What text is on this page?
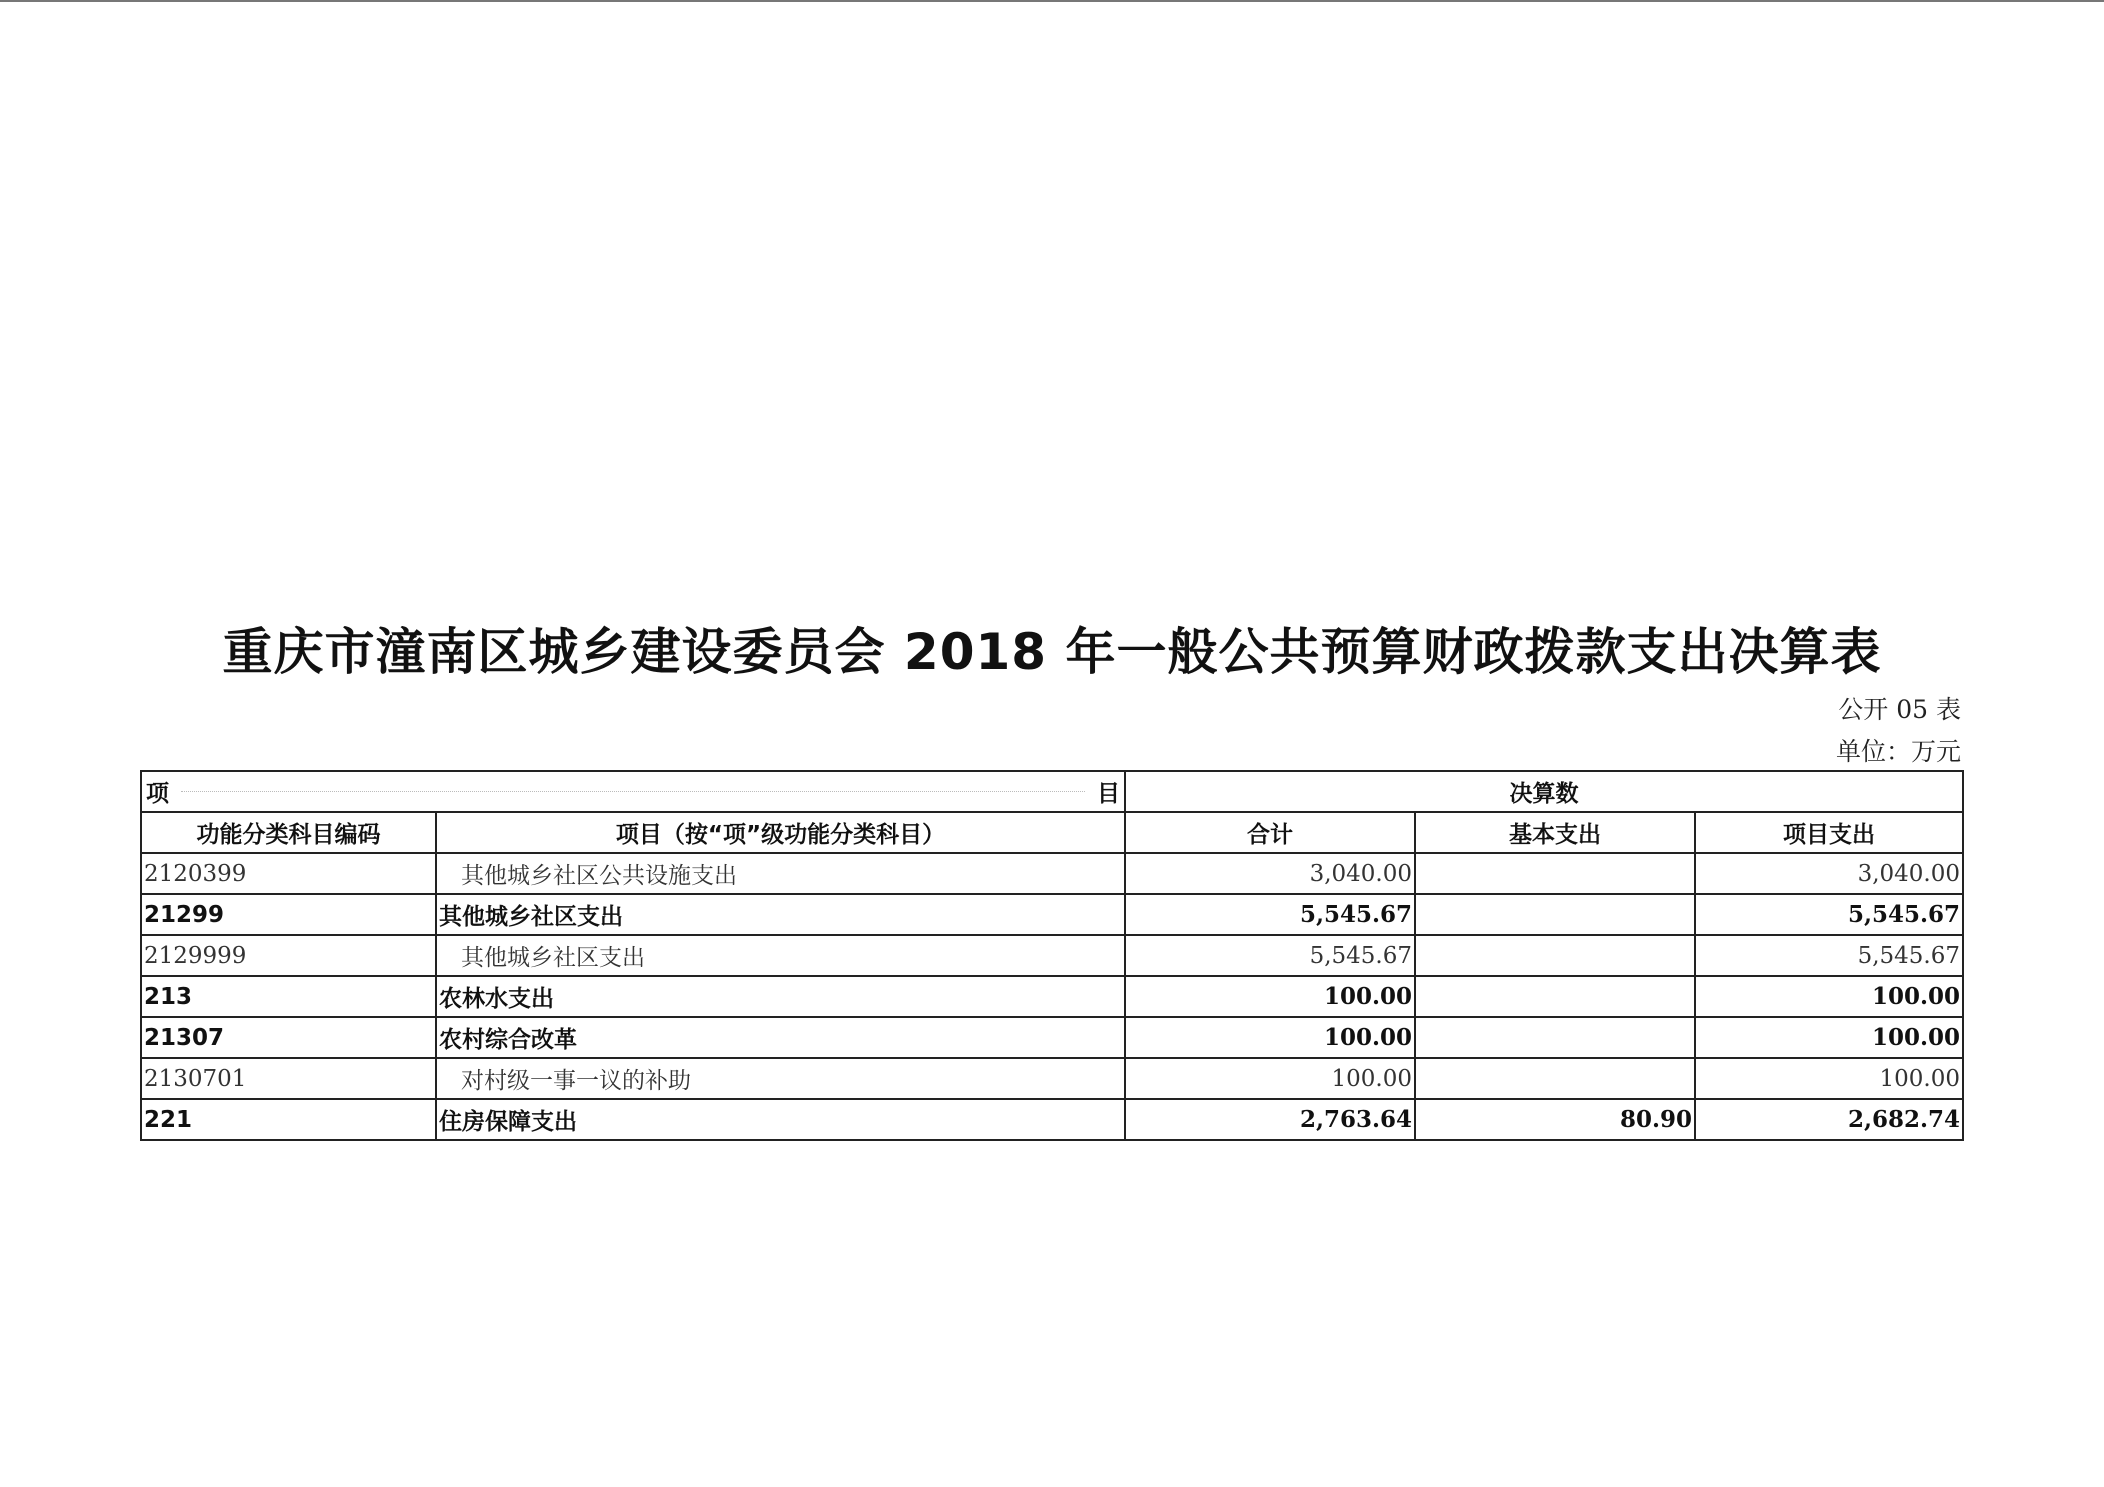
重庆市潼南区城乡建设委员会 2018 年一般公共预算财政拨款支出决算表
公开 05 表
单位：万元
项 目		决算数		
功能分类科目编码	项目（按“项”级功能分类科目）	合计	基本支出	项目支出
2120399	其他城乡社区公共设施支出	3,040.00		3,040.00
21299	其他城乡社区支出	5,545.67		5,545.67
2129999	其他城乡社区支出	5,545.67		5,545.67
213	农林水支出	100.00		100.00
21307	农村综合改革	100.00		100.00
2130701	对村级一事一议的补助	100.00		100.00
221	住房保障支出	2,763.64	80.90	2,682.74
